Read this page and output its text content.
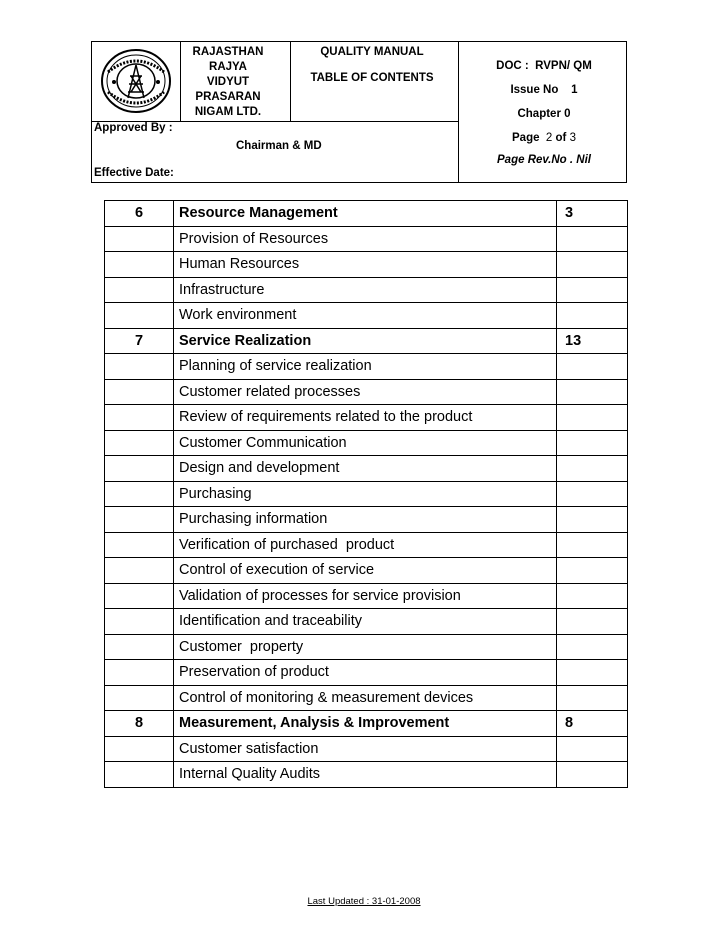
RAJASTHAN
RAJYA
VIDYUT
PRASARAN
NIGAM LTD.
QUALITY MANUAL
TABLE OF CONTENTS
Approved By :
Chairman & MD
Effective Date:
DOC :  RVPN/ QM
Issue No    1
Chapter 0
Page 2 of 3
Page Rev.No . Nil
6	Resource Management	3
	Provision of Resources	
	Human Resources	
	Infrastructure	
	Work environment	
7	Service Realization	13
	Planning of service realization	
	Customer related processes	
	Review of requirements related to the product	
	Customer Communication	
	Design and development	
	Purchasing	
	Purchasing information	
	Verification of purchased  product	
	Control of execution of service	
	Validation of processes for service provision	
	Identification and traceability	
	Customer  property	
	Preservation of product	
	Control of monitoring & measurement devices	
8	Measurement, Analysis & Improvement	8
	Customer satisfaction	
	Internal Quality Audits	
Last Updated : 31-01-2008
